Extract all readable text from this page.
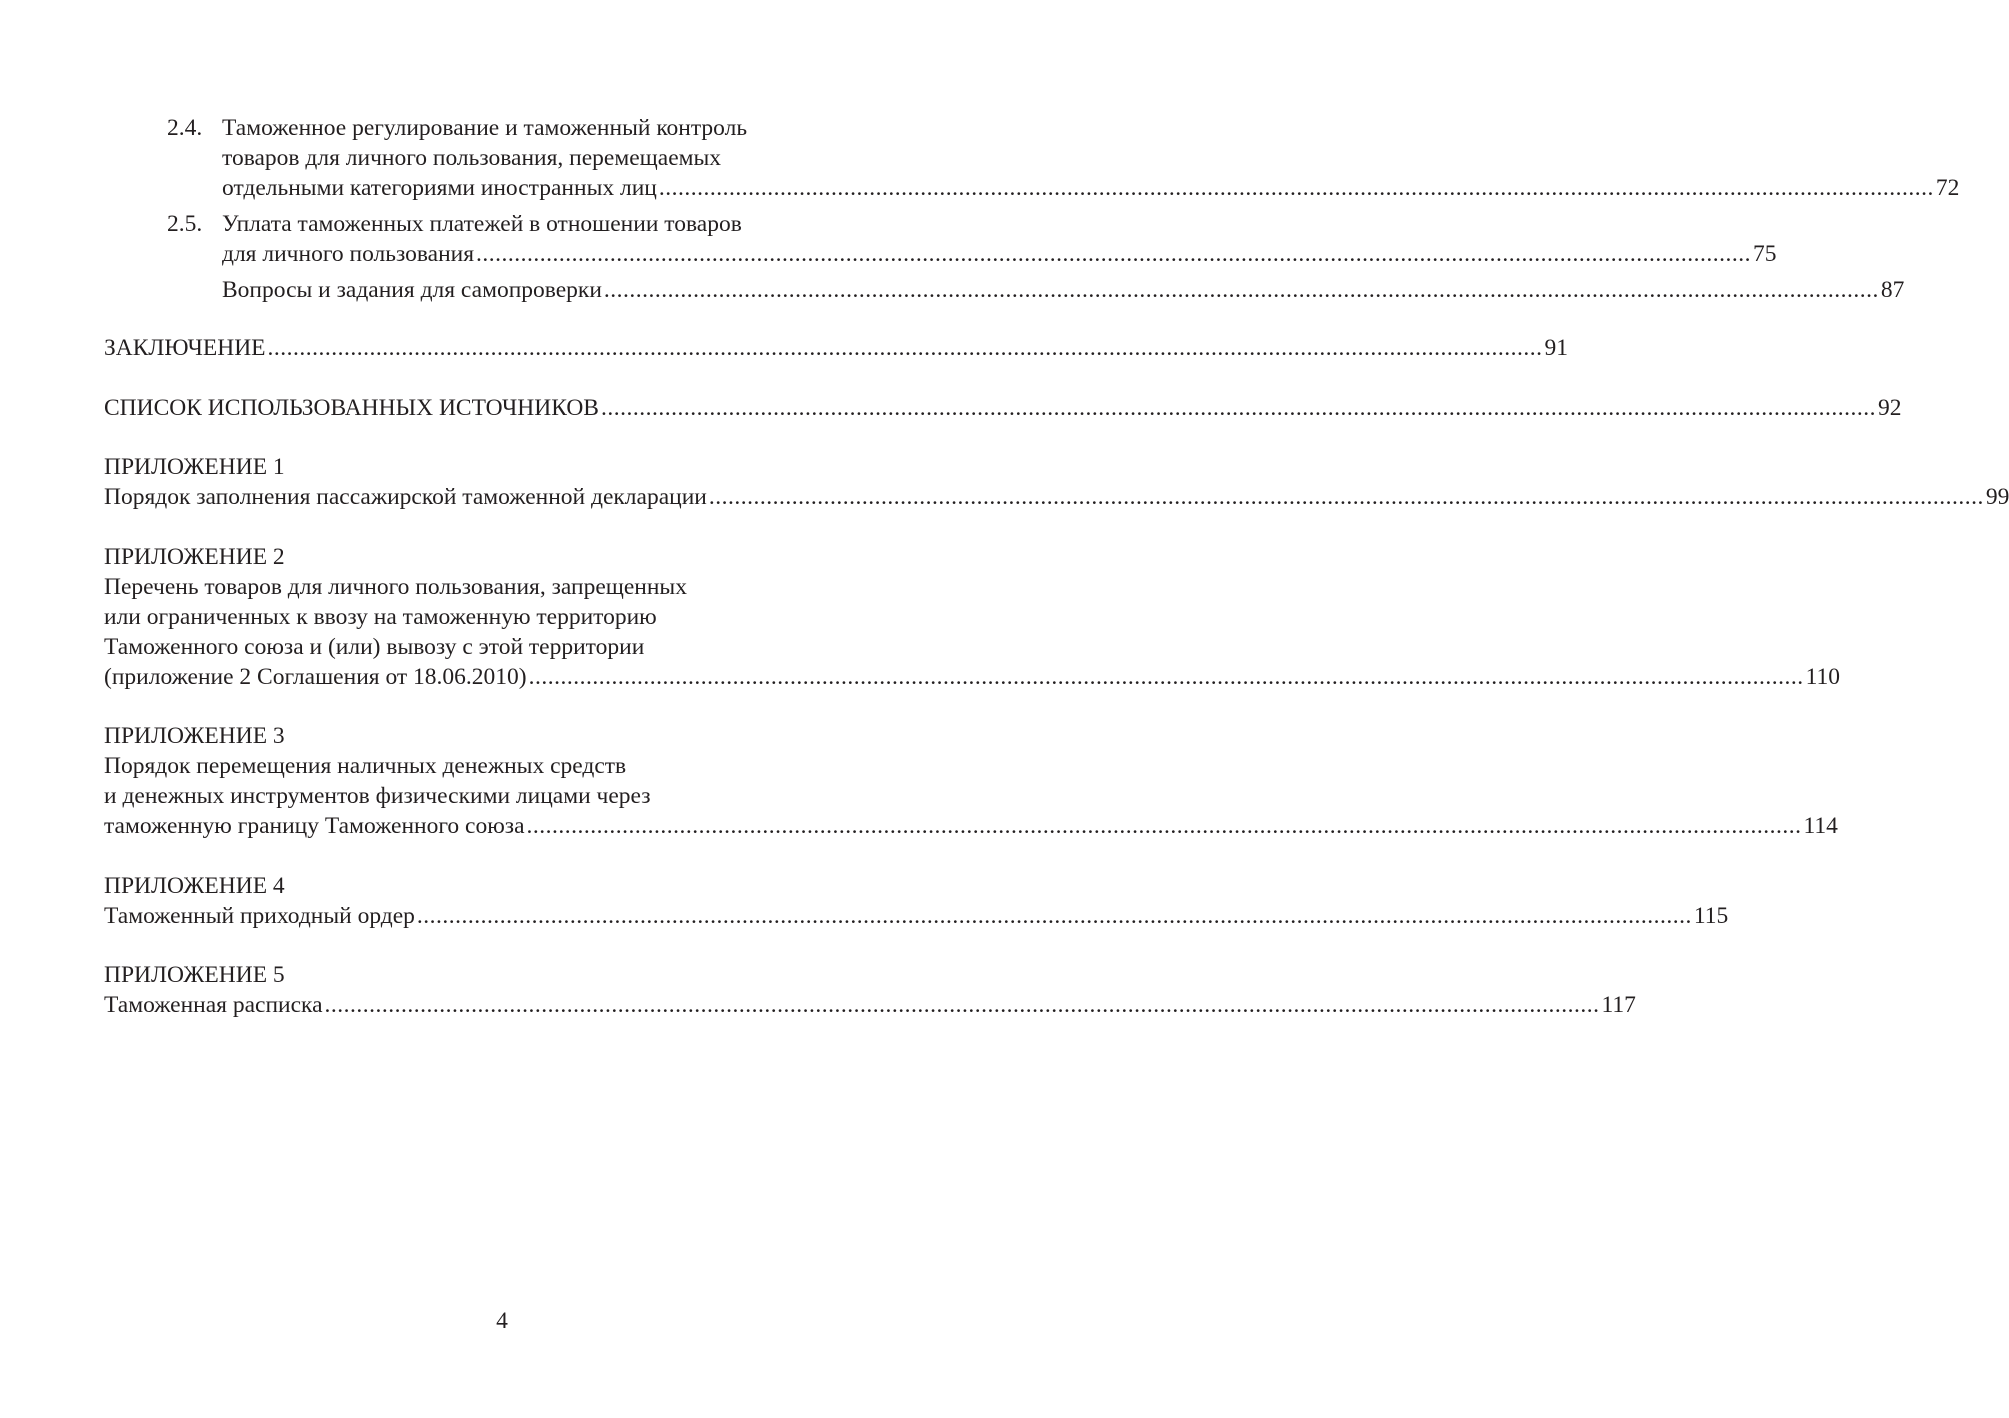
2.4. Таможенное регулирование и таможенный контроль
товаров для личного пользования, перемещаемых
отдельными категориями иностранных лиц ........................................................................................................................................................................................................ 72
2.5. Уплата таможенных платежей в отношении товаров
для личного пользования ........................................................................................................................................................................................................ 75
Вопросы и задания для самопроверки ........................................................................................................................................................................................................ 87
ЗАКЛЮЧЕНИЕ ........................................................................................................................................................................................................ 91
СПИСОК ИСПОЛЬЗОВАННЫХ ИСТОЧНИКОВ ........................................................................................................................................................................................................ 92
ПРИЛОЖЕНИЕ 1
Порядок заполнения пассажирской таможенной декларации ........................................................................................................................................................................................................ 99
ПРИЛОЖЕНИЕ 2
Перечень товаров для личного пользования, запрещенных
или ограниченных к ввозу на таможенную территорию
Таможенного союза и (или) вывозу с этой территории
(приложение 2 Соглашения от 18.06.2010) ........................................................................................................................................................................................................ 110
ПРИЛОЖЕНИЕ 3
Порядок перемещения наличных денежных средств
и денежных инструментов физическими лицами через
таможенную границу Таможенного союза ........................................................................................................................................................................................................ 114
ПРИЛОЖЕНИЕ 4
Таможенный приходный ордер ........................................................................................................................................................................................................ 115
ПРИЛОЖЕНИЕ 5
Таможенная расписка ........................................................................................................................................................................................................ 117
4
